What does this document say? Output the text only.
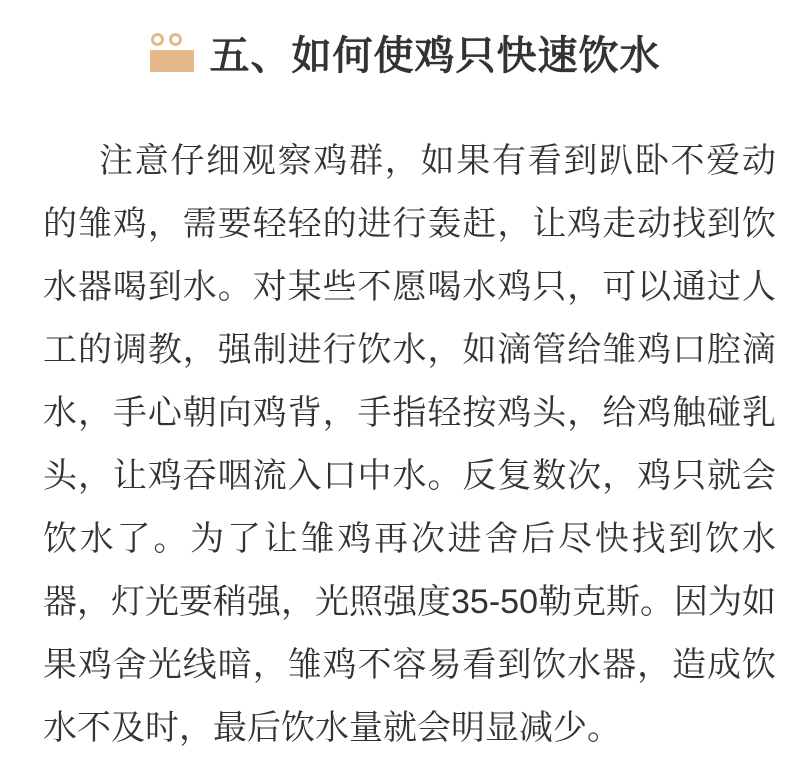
五、如何使鸡只快速饮水
注意仔细观察鸡群，如果有看到趴卧不爱动
的雏鸡，需要轻轻的进行轰赶，让鸡走动找到饮
水器喝到水。对某些不愿喝水鸡只，可以通过人
工的调教，强制进行饮水，如滴管给雏鸡口腔滴
水，手心朝向鸡背，手指轻按鸡头，给鸡触碰乳
头，让鸡吞咽流入口中水。反复数次，鸡只就会
饮水了。为了让雏鸡再次进舍后尽快找到饮水
器，灯光要稍强，光照强度35-50勒克斯。因为如
果鸡舍光线暗，雏鸡不容易看到饮水器，造成饮
水不及时，最后饮水量就会明显减少。
